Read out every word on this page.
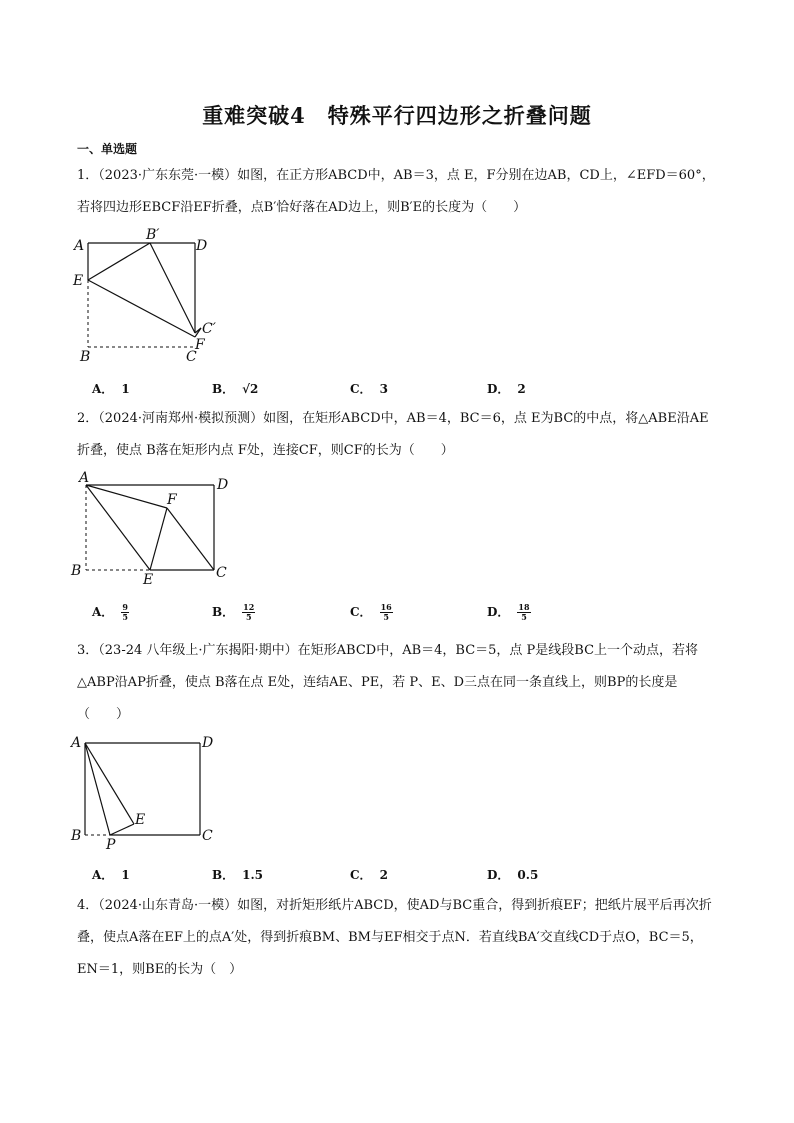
重难突破4　特殊平行四边形之折叠问题
一、单选题
1．（2023·广东东莞·一模）如图，在正方形ABCD中，AB＝3，点 E，F分别在边AB，CD上，∠EFD＝60°，
若将四边形EBCF沿EF折叠，点B′恰好落在AD边上，则B′E的长度为（　　）
A
B′
D
E
C′
F
B	C
A． 1	B． √2	C． 3	D． 2
2．（2024·河南郑州·模拟预测）如图，在矩形ABCD中，AB＝4，BC＝6，点 E为BC的中点，将△ABE沿AE
折叠，使点 B落在矩形内点 F处，连接CF，则CF的长为（　　）
A	D
F
B
E	C
A． $\frac{9}{5}$	B． $\frac{12}{5}$	C． $\frac{16}{5}$	D． $\frac{18}{5}$
3．（23-24 八年级上·广东揭阳·期中）在矩形ABCD中，AB＝4，BC＝5，点 P是线段BC上一个动点，若将
△ABP沿AP折叠，使点 B落在点 E处，连结AE、PE，若 P、E、D三点在同一条直线上，则BP的长度是
（　　）
A	D
E
B
P
C
A． 1	B． 1.5	C． 2	D． 0.5
4．（2024·山东青岛·一模）如图，对折矩形纸片ABCD，使AD与BC重合，得到折痕EF；把纸片展平后再次折
叠，使点A落在EF上的点A′处，得到折痕BM、BM与EF相交于点N．若直线BA′交直线CD于点O，BC＝5，
EN＝1，则BE的长为（　）
